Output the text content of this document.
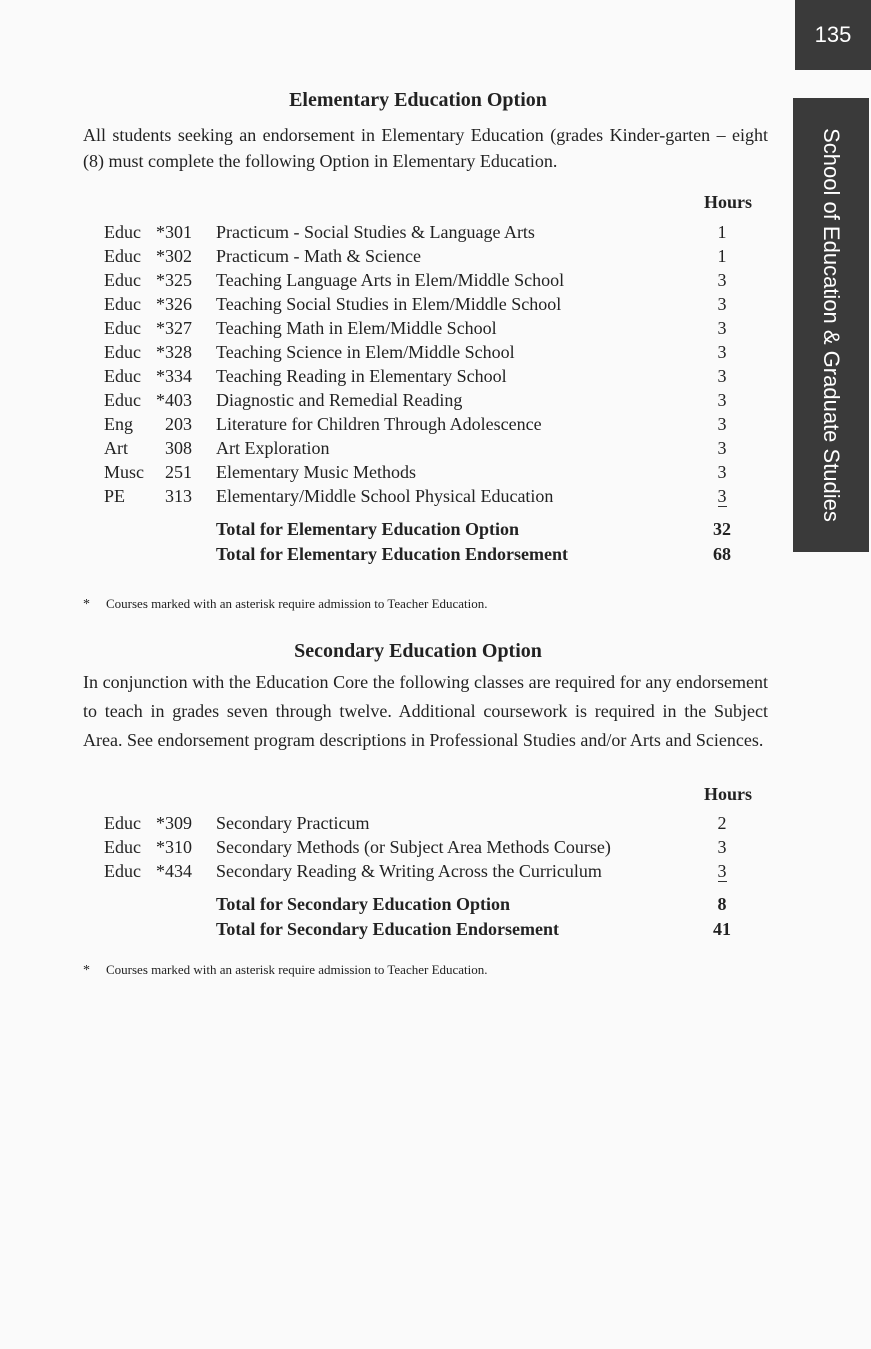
135
School of Education & Graduate Studies
Elementary Education Option

All students seeking an endorsement in Elementary Education (grades Kinder-garten – eight (8) must complete the following Option in Elementary Education.

Hours
Educ	*301	Practicum - Social Studies & Language Arts	1
Educ	*302	Practicum - Math & Science	1
Educ	*325	Teaching Language Arts in Elem/Middle School	3
Educ	*326	Teaching Social Studies in Elem/Middle School	3
Educ	*327	Teaching Math in Elem/Middle School	3
Educ	*328	Teaching Science in Elem/Middle School	3
Educ	*334	Teaching Reading in Elementary School	3
Educ	*403	Diagnostic and Remedial Reading	3
Eng	203	Literature for Children Through Adolescence	3
Art	308	Art Exploration	3
Musc	251	Elementary Music Methods	3
PE	313	Elementary/Middle School Physical Education	3
		Total for Elementary Education Option	32
		Total for Elementary Education Endorsement	68
* Courses marked with an asterisk require admission to Teacher Education.
Secondary Education Option

In conjunction with the Education Core the following classes are required for any endorsement to teach in grades seven through twelve. Additional coursework is required in the Subject Area. See endorsement program descriptions in Professional Studies and/or Arts and Sciences.

Hours
Educ	*309	Secondary Practicum	2
Educ	*310	Secondary Methods (or Subject Area Methods Course)	3
Educ	*434	Secondary Reading & Writing Across the Curriculum	3
		Total for Secondary Education Option	8
		Total for Secondary Education Endorsement	41
* Courses marked with an asterisk require admission to Teacher Education.
